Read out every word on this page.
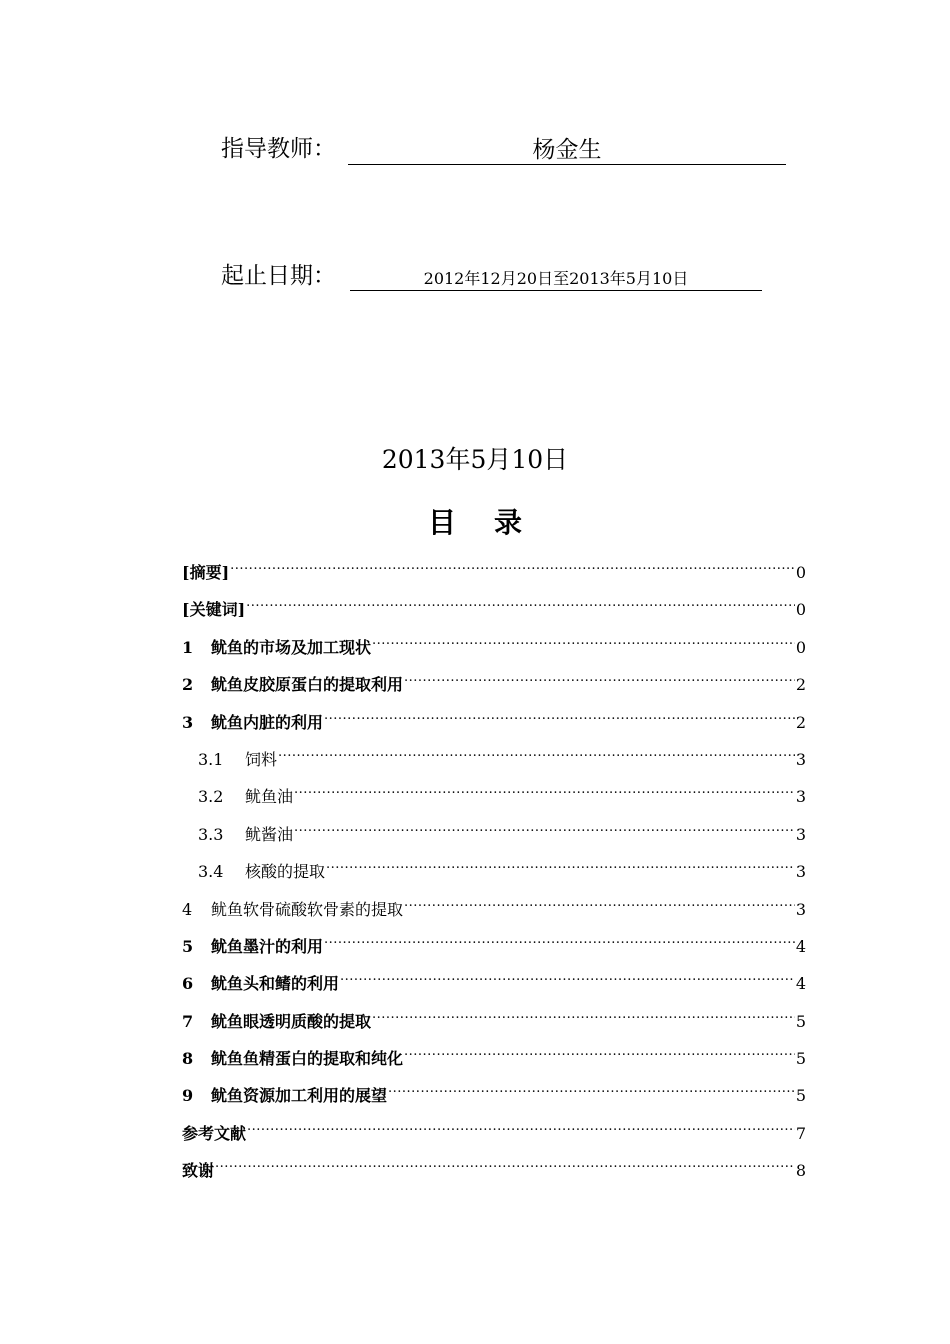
指导教师：	杨金生
起止日期：	2012年12月20日至2013年5月10日
2013年5月10日
目录
[摘要] .....	0
[关键词] .....	0
1	鱿鱼的市场及加工现状 .....	0
2	鱿鱼皮胶原蛋白的提取利用 .....	2
3	鱿鱼内脏的利用 .....	2
3.1	饲料 .....	3
3.2	鱿鱼油 .....	3
3.3	鱿酱油 .....	3
3.4	核酸的提取 .....	3
4	鱿鱼软骨硫酸软骨素的提取 .....	3
5	鱿鱼墨汁的利用 .....	4
6	鱿鱼头和鳍的利用 .....	4
7	鱿鱼眼透明质酸的提取 .....	5
8	鱿鱼鱼精蛋白的提取和纯化 .....	5
9	鱿鱼资源加工利用的展望 .....	5
参考文献 .....	7
致谢 .....	8
